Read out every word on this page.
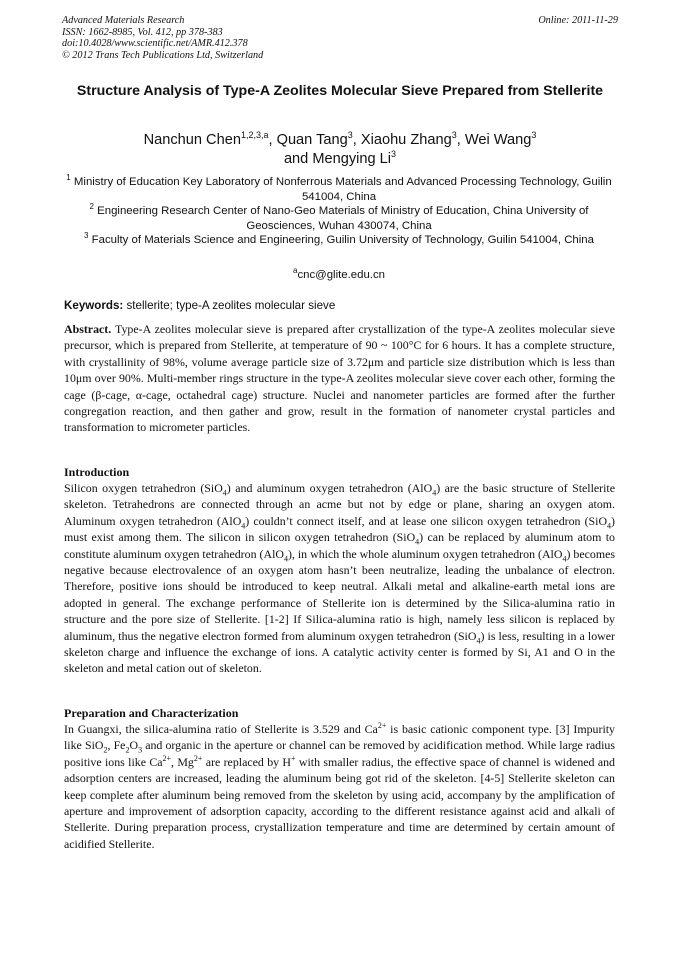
Advanced Materials Research
ISSN: 1662-8985, Vol. 412, pp 378-383
doi:10.4028/www.scientific.net/AMR.412.378
© 2012 Trans Tech Publications Ltd, Switzerland
Online: 2011-11-29
Structure Analysis of Type-A Zeolites Molecular Sieve Prepared from Stellerite
Nanchun Chen$^{1,2,3,a}$, Quan Tang$^3$, Xiaohu Zhang$^3$, Wei Wang$^3$
and Mengying Li$^3$
$^1$ Ministry of Education Key Laboratory of Nonferrous Materials and Advanced Processing Technology, Guilin 541004, China
$^2$ Engineering Research Center of Nano-Geo Materials of Ministry of Education, China University of Geosciences, Wuhan 430074, China
$^3$ Faculty of Materials Science and Engineering, Guilin University of Technology, Guilin 541004, China
$^a$cnc@glite.edu.cn
Keywords: stellerite; type-A zeolites molecular sieve
Abstract. Type-A zeolites molecular sieve is prepared after crystallization of the type-A zeolites molecular sieve precursor, which is prepared from Stellerite, at temperature of 90 ~ 100°C for 6 hours. It has a complete structure, with crystallinity of 98%, volume average particle size of 3.72μm and particle size distribution which is less than 10μm over 90%. Multi-member rings structure in the type-A zeolites molecular sieve cover each other, forming the cage (β-cage, α-cage, octahedral cage) structure. Nuclei and nanometer particles are formed after the further congregation reaction, and then gather and grow, result in the formation of nanometer crystal particles and transformation to micrometer particles.
Introduction
Silicon oxygen tetrahedron (SiO$_4$) and aluminum oxygen tetrahedron (AlO$_4$) are the basic structure of Stellerite skeleton. Tetrahedrons are connected through an acme but not by edge or plane, sharing an oxygen atom. Aluminum oxygen tetrahedron (AlO$_4$) couldn’t connect itself, and at lease one silicon oxygen tetrahedron (SiO$_4$) must exist among them. The silicon in silicon oxygen tetrahedron (SiO$_4$) can be replaced by aluminum atom to constitute aluminum oxygen tetrahedron (AlO$_4$), in which the whole aluminum oxygen tetrahedron (AlO$_4$) becomes negative because electrovalence of an oxygen atom hasn’t been neutralize, leading the unbalance of electron. Therefore, positive ions should be introduced to keep neutral. Alkali metal and alkaline-earth metal ions are adopted in general. The exchange performance of Stellerite ion is determined by the Silica-alumina ratio in structure and the pore size of Stellerite. [1-2] If Silica-alumina ratio is high, namely less silicon is replaced by aluminum, thus the negative electron formed from aluminum oxygen tetrahedron (SiO$_4$) is less, resulting in a lower skeleton charge and influence the exchange of ions. A catalytic activity center is formed by Si, A1 and O in the skeleton and metal cation out of skeleton.
Preparation and Characterization
In Guangxi, the silica-alumina ratio of Stellerite is 3.529 and $Ca^{2+}$ is basic cationic component type. [3] Impurity like SiO$_2$, $Fe_2O_3$ and organic in the aperture or channel can be removed by acidification method. While large radius positive ions like $Ca^{2+}$, $Mg^{2+}$ are replaced by H+ with smaller radius, the effective space of channel is widened and adsorption centers are increased, leading the aluminum being got rid of the skeleton. [4-5] Stellerite skeleton can keep complete after aluminum being removed from the skeleton by using acid, accompany by the amplification of aperture and improvement of adsorption capacity, according to the different resistance against acid and alkali of Stellerite. During preparation process, crystallization temperature and time are determined by certain amount of acidified Stellerite.
